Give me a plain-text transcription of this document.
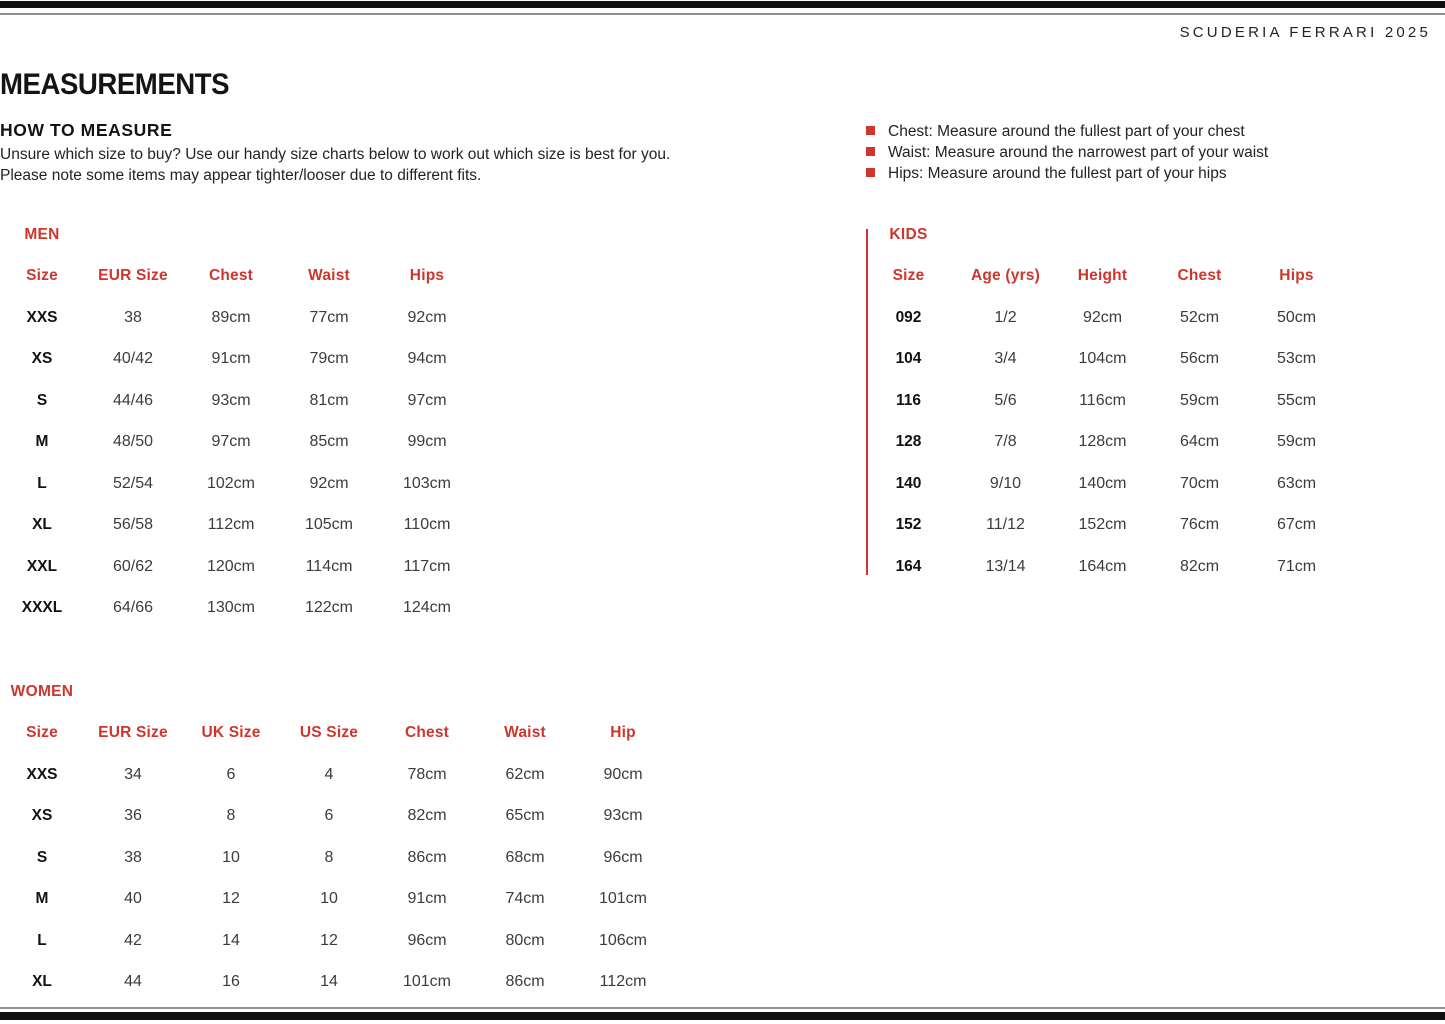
SCUDERIA FERRARI 2025
MEASUREMENTS
HOW TO MEASURE
Unsure which size to buy? Use our handy size charts below to work out which size is best for you.
Please note some items may appear tighter/looser due to different fits.
Chest: Measure around the fullest part of your chest
Waist: Measure around the narrowest part of your waist
Hips: Measure around the fullest part of your hips
MEN				
Size	EUR Size	Chest	Waist	Hips
XXS	38	89cm	77cm	92cm
XS	40/42	91cm	79cm	94cm
S	44/46	93cm	81cm	97cm
M	48/50	97cm	85cm	99cm
L	52/54	102cm	92cm	103cm
XL	56/58	112cm	105cm	110cm
XXL	60/62	120cm	114cm	117cm
XXXL	64/66	130cm	122cm	124cm
KIDS				
Size	Age (yrs)	Height	Chest	Hips
092	1/2	92cm	52cm	50cm
104	3/4	104cm	56cm	53cm
116	5/6	116cm	59cm	55cm
128	7/8	128cm	64cm	59cm
140	9/10	140cm	70cm	63cm
152	11/12	152cm	76cm	67cm
164	13/14	164cm	82cm	71cm
WOMEN						
Size	EUR Size	UK Size	US Size	Chest	Waist	Hip
XXS	34	6	4	78cm	62cm	90cm
XS	36	8	6	82cm	65cm	93cm
S	38	10	8	86cm	68cm	96cm
M	40	12	10	91cm	74cm	101cm
L	42	14	12	96cm	80cm	106cm
XL	44	16	14	101cm	86cm	112cm
